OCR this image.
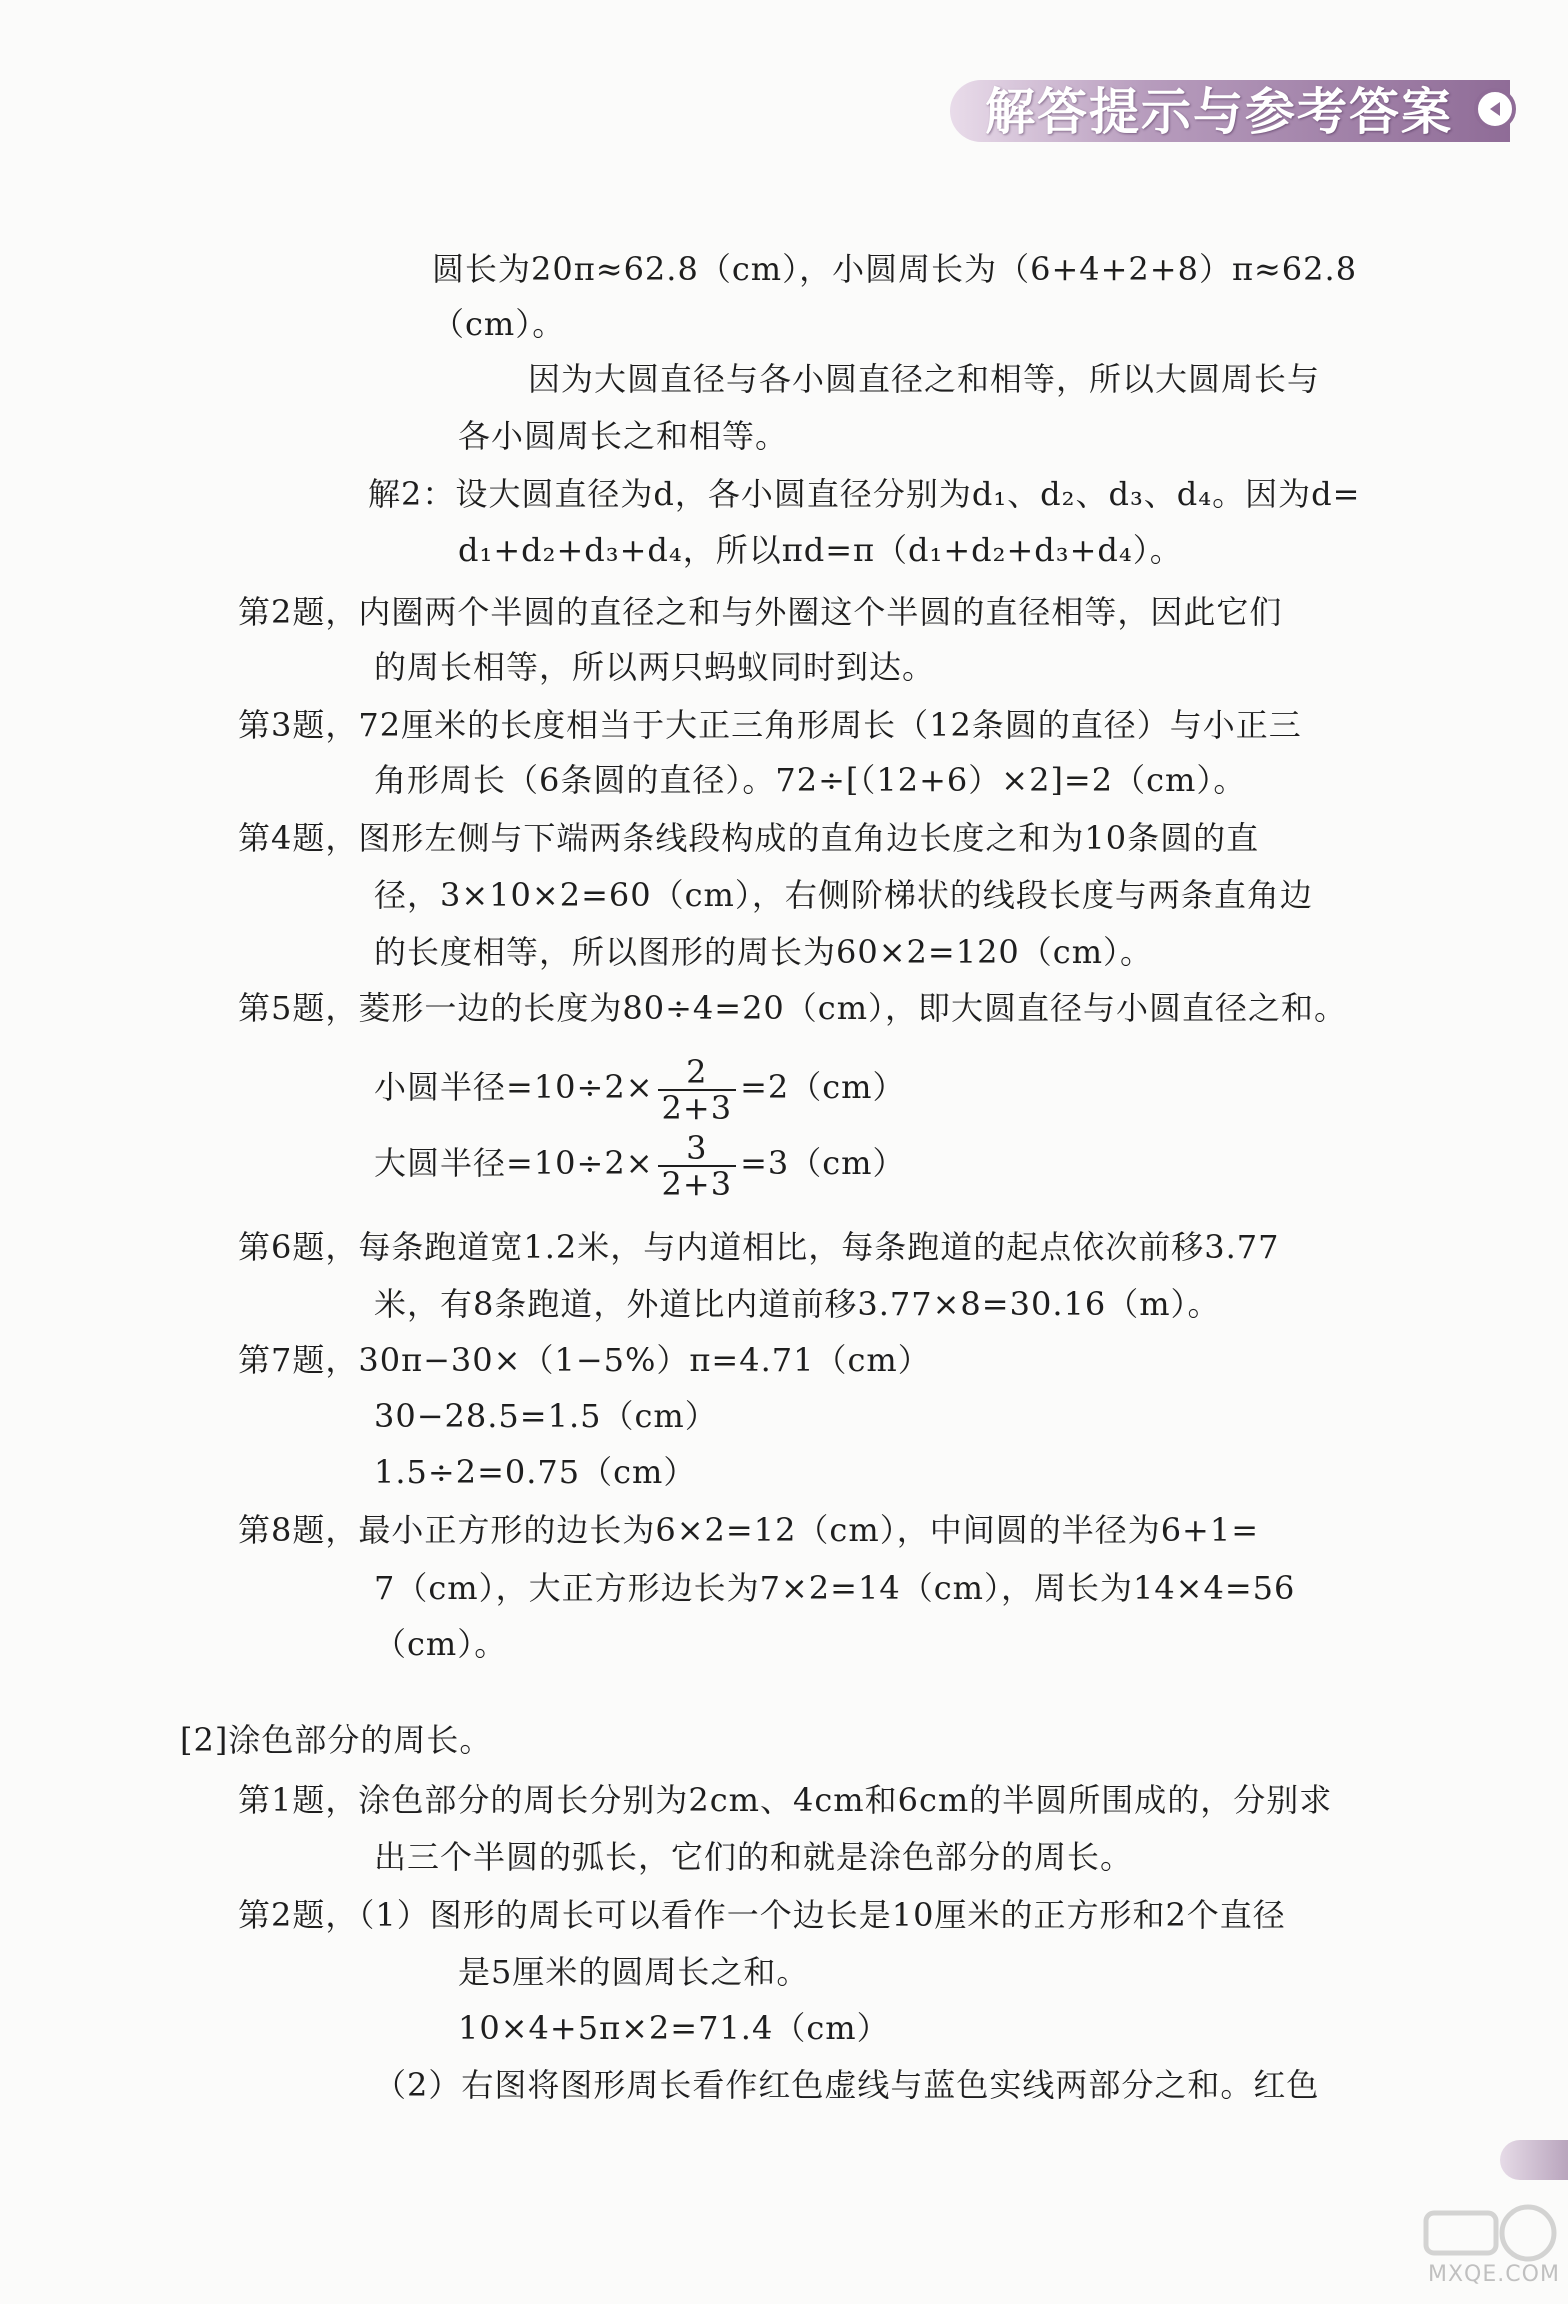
解答提示与参考答案
圆长为20π≈62.8（cm），小圆周长为（6+4+2+8）π≈62.8
（cm）。
因为大圆直径与各小圆直径之和相等，所以大圆周长与
各小圆周长之和相等。
解2：设大圆直径为d，各小圆直径分别为d₁、d₂、d₃、d₄。因为d=
d₁+d₂+d₃+d₄，所以πd=π（d₁+d₂+d₃+d₄）。
第2题，内圈两个半圆的直径之和与外圈这个半圆的直径相等，因此它们
的周长相等，所以两只蚂蚁同时到达。
第3题，72厘米的长度相当于大正三角形周长（12条圆的直径）与小正三
角形周长（6条圆的直径）。72÷[（12+6）×2]=2（cm）。
第4题，图形左侧与下端两条线段构成的直角边长度之和为10条圆的直
径，3×10×2=60（cm），右侧阶梯状的线段长度与两条直角边
的长度相等，所以图形的周长为60×2=120（cm）。
第5题，菱形一边的长度为80÷4=20（cm），即大圆直径与小圆直径之和。
小圆半径$=10\div 2\times \frac{2}{2+3} =2(cm)$
大圆半径$=10\div 2\times \frac{3}{2+3} =3(cm)$
第6题，每条跑道宽1.2米，与内道相比，每条跑道的起点依次前移3.77
米，有8条跑道，外道比内道前移3.77×8=30.16（m）。
第7题，30π−30×（1−5%）π=4.71（cm）
30−28.5=1.5（cm）
1.5÷2=0.75（cm）
第8题，最小正方形的边长为6×2=12（cm），中间圆的半径为6+1=
7（cm），大正方形边长为7×2=14（cm），周长为14×4=56
（cm）。
[2]涂色部分的周长。
第1题，涂色部分的周长分别为2cm、4cm和6cm的半圆所围成的，分别求
出三个半圆的弧长，它们的和就是涂色部分的周长。
第2题，（1）图形的周长可以看作一个边长是10厘米的正方形和2个直径
是5厘米的圆周长之和。
10×4+5π×2=71.4（cm）
（2）右图将图形周长看作红色虚线与蓝色实线两部分之和。红色
MXQE.COM
